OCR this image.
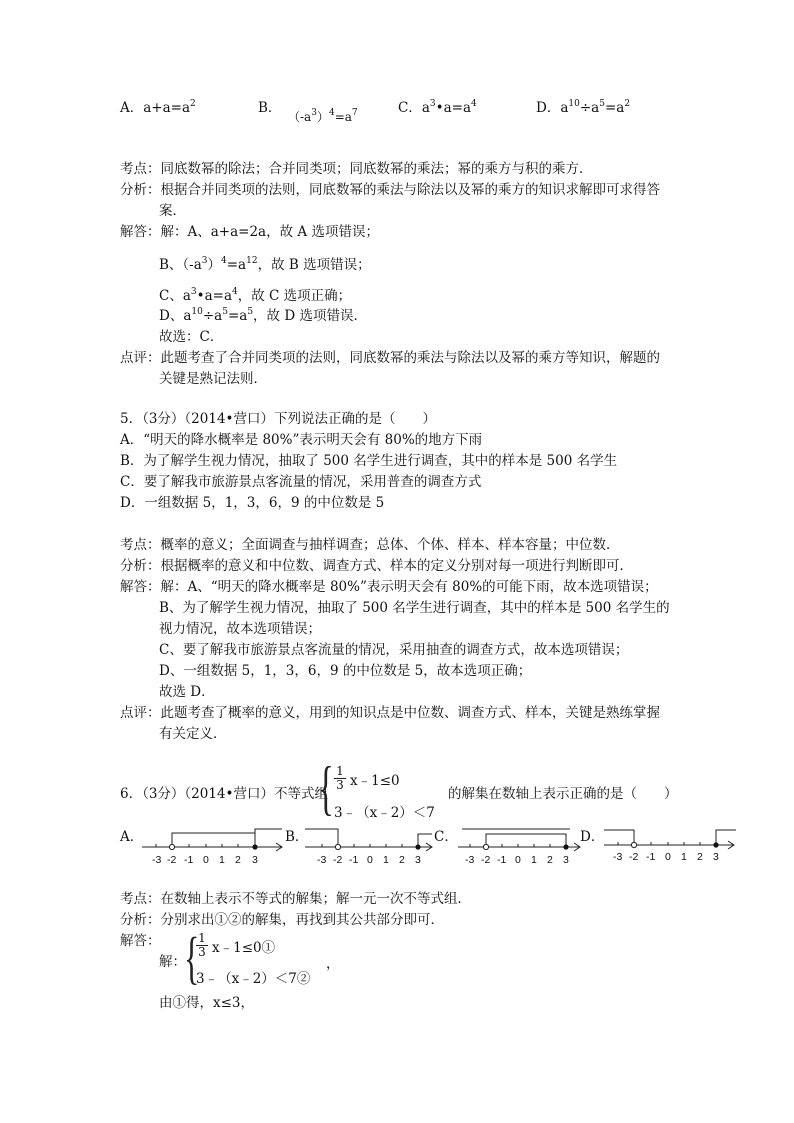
A．$a+a=a^2$	B．
$(-a^3)^4=a^7$	C．$a^3•a=a^4$	D．$a^{10}\div a^5=a^2$
考点：同底数幂的除法；合并同类项；同底数幂的乘法；幂的乘方与积的乘方．
分析：根据合并同类项的法则，同底数幂的乘法与除法以及幂的乘方的知识求解即可求得答
案．
解答：解：A、a+a=2a，故 A 选项错误；
B、$(-a^3)^4=a^{12}$，故 B 选项错误；
C、$a^3•a=a^4$，故 C 选项正确；
D、$a^{10}\div a^5=a^5$，故 D 选项错误．
故选：C．
点评：此题考查了合并同类项的法则，同底数幂的乘法与除法以及幂的乘方等知识，解题的
关键是熟记法则．
5．（3分）（2014•营口）下列说法正确的是（　　）
A．“明天的降水概率是 80%”表示明天会有 80%的地方下雨
B．为了解学生视力情况，抽取了 500 名学生进行调查，其中的样本是 500 名学生
C．要了解我市旅游景点客流量的情况，采用普查的调查方式
D．一组数据 5，1，3，6，9 的中位数是 5
考点：概率的意义；全面调查与抽样调查；总体、个体、样本、样本容量；中位数．
分析：根据概率的意义和中位数、调查方式、样本的定义分别对每一项进行判断即可．
解答：解：A、“明天的降水概率是 80%”表示明天会有 80%的可能下雨，故本选项错误；
B、为了解学生视力情况，抽取了 500 名学生进行调查，其中的样本是 500 名学生的
视力情况，故本选项错误；
C、要了解我市旅游景点客流量的情况，采用抽查的调查方式，故本选项错误；
D、一组数据 5，1，3，6，9 的中位数是 5，故本选项正确；
故选 D．
点评：此题考查了概率的意义，用到的知识点是中位数、调查方式、样本，关键是熟练掌握
有关定义．
6．（3分）（2014•营口）不等式组
{ $\frac{1}{3}$ x﹣1≤0
3﹣（x﹣2）＜7
的解集在数轴上表示正确的是（　　）
A．	B．	C．	D．
-3 -2 -1 0 1 2 3	-3 -2 -1 0 1 2 3	-3 -2 -1 0 1 2 3	-3 -2 -1 0 1 2 3
考点：在数轴上表示不等式的解集；解一元一次不等式组．
分析：分别求出①②的解集，再找到其公共部分即可．
解答：
解：
{
$\frac{1}{3}$ x﹣1≤0①
3﹣（x﹣2）＜7②
，
由①得，x≤3，
